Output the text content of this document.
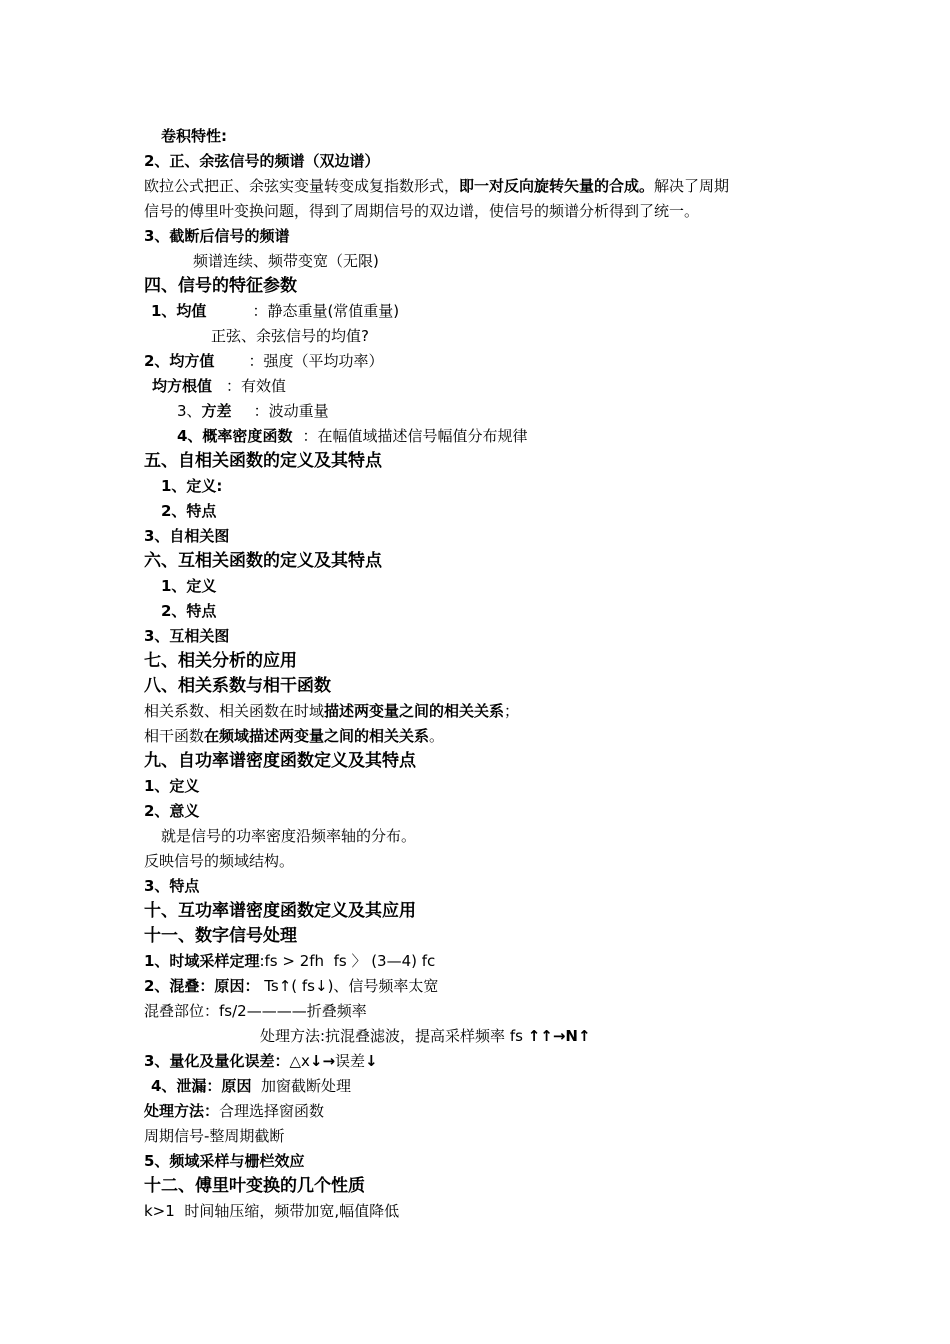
卷积特性:
2、正、余弦信号的频谱（双边谱）
欧拉公式把正、余弦实变量转变成复指数形式，即一对反向旋转矢量的合成。解决了周期
信号的傅里叶变换问题，得到了周期信号的双边谱，使信号的频谱分析得到了统一。
3、截断后信号的频谱
频谱连续、频带变宽（无限)
四、信号的特征参数
1、均值	：静态重量(常值重量)
正弦、余弦信号的均值?
2、均方值 ：强度（平均功率）
均方根值 ：有效值
3、方差 ：波动重量
4、概率密度函数 ：在幅值域描述信号幅值分布规律
五、自相关函数的定义及其特点
1、定义:
2、特点
3、自相关图
六、互相关函数的定义及其特点
1、定义
2、特点
3、互相关图
七、相关分析的应用
八、相关系数与相干函数
相关系数、相关函数在时域描述两变量之间的相关关系；
相干函数在频域描述两变量之间的相关关系。
九、自功率谱密度函数定义及其特点
1、定义
2、意义
就是信号的功率密度沿频率轴的分布。
反映信号的频域结构。
3、特点
十、互功率谱密度函数定义及其应用
十一、数字信号处理
1、时域采样定理:fs > 2fh  fs 〉 (3—4) fc
2、混叠：原因： Ts↑( fs↓)、信号频率太宽
混叠部位：fs/2————折叠频率
处理方法:抗混叠滤波，提高采样频率 fs ↑↑→N↑
3、量化及量化误差：△x↓→误差↓
4、泄漏：原因  加窗截断处理
处理方法：合理选择窗函数
周期信号-整周期截断
5、频域采样与栅栏效应
十二、傅里叶变换的几个性质
k>1  时间轴压缩，频带加宽,幅值降低
